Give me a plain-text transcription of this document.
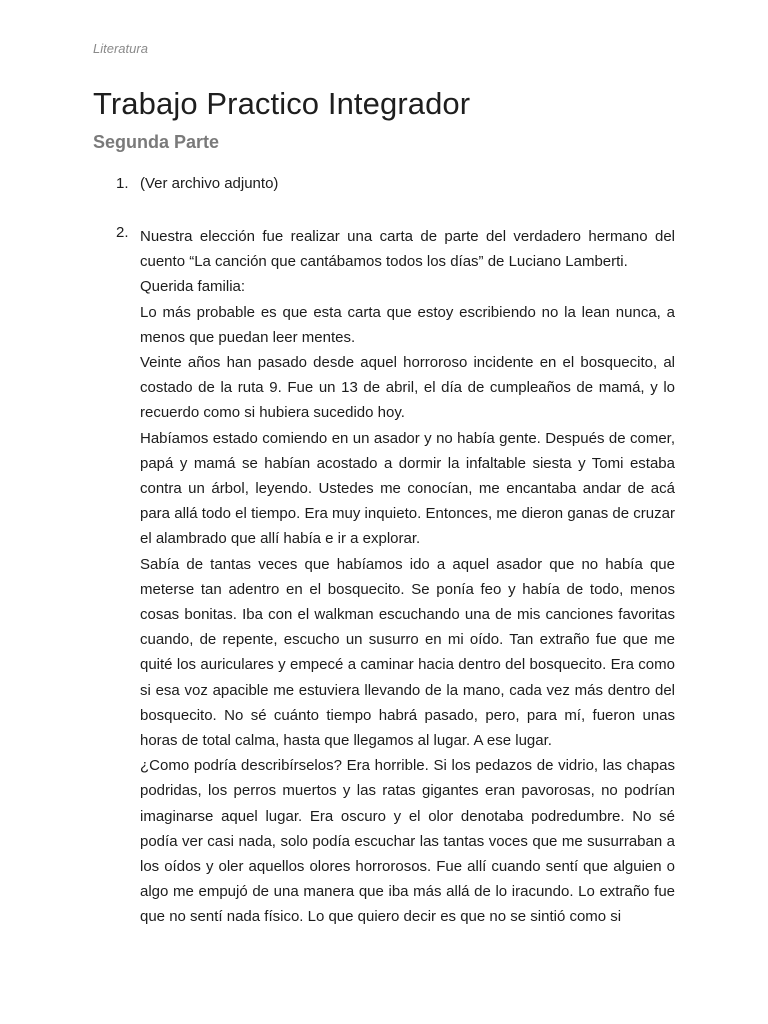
Literatura
Trabajo Practico Integrador
Segunda Parte
1. (Ver archivo adjunto)
2. Nuestra elección fue realizar una carta de parte del verdadero hermano del cuento “La canción que cantábamos todos los días” de Luciano Lamberti.

Querida familia:

Lo más probable es que esta carta que estoy escribiendo no la lean nunca, a menos que puedan leer mentes.

Veinte años han pasado desde aquel horroroso incidente en el bosquecito, al costado de la ruta 9. Fue un 13 de abril, el día de cumpleaños de mamá, y lo recuerdo como si hubiera sucedido hoy.

Habíamos estado comiendo en un asador y no había gente. Después de comer, papá y mamá se habían acostado a dormir la infaltable siesta y Tomi estaba contra un árbol, leyendo. Ustedes me conocían, me encantaba andar de acá para allá todo el tiempo. Era muy inquieto. Entonces, me dieron ganas de cruzar el alambrado que allí había e ir a explorar.

Sabía de tantas veces que habíamos ido a aquel asador que no había que meterse tan adentro en el bosquecito. Se ponía feo y había de todo, menos cosas bonitas. Iba con el walkman escuchando una de mis canciones favoritas cuando, de repente, escucho un susurro en mi oído. Tan extraño fue que me quité los auriculares y empecé a caminar hacia dentro del bosquecito. Era como si esa voz apacible me estuviera llevando de la mano, cada vez más dentro del bosquecito. No sé cuánto tiempo habrá pasado, pero, para mí, fueron unas horas de total calma, hasta que llegamos al lugar. A ese lugar.

¿Como podría describírselos? Era horrible. Si los pedazos de vidrio, las chapas podridas, los perros muertos y las ratas gigantes eran pavorosas, no podrían imaginarse aquel lugar. Era oscuro y el olor denotaba podredumbre. No sé podía ver casi nada, solo podía escuchar las tantas voces que me susurraban a los oídos y oler aquellos olores horrorosos. Fue allí cuando sentí que alguien o algo me empujó de una manera que iba más allá de lo iracundo. Lo extraño fue que no sentí nada físico. Lo que quiero decir es que no se sintió como si
